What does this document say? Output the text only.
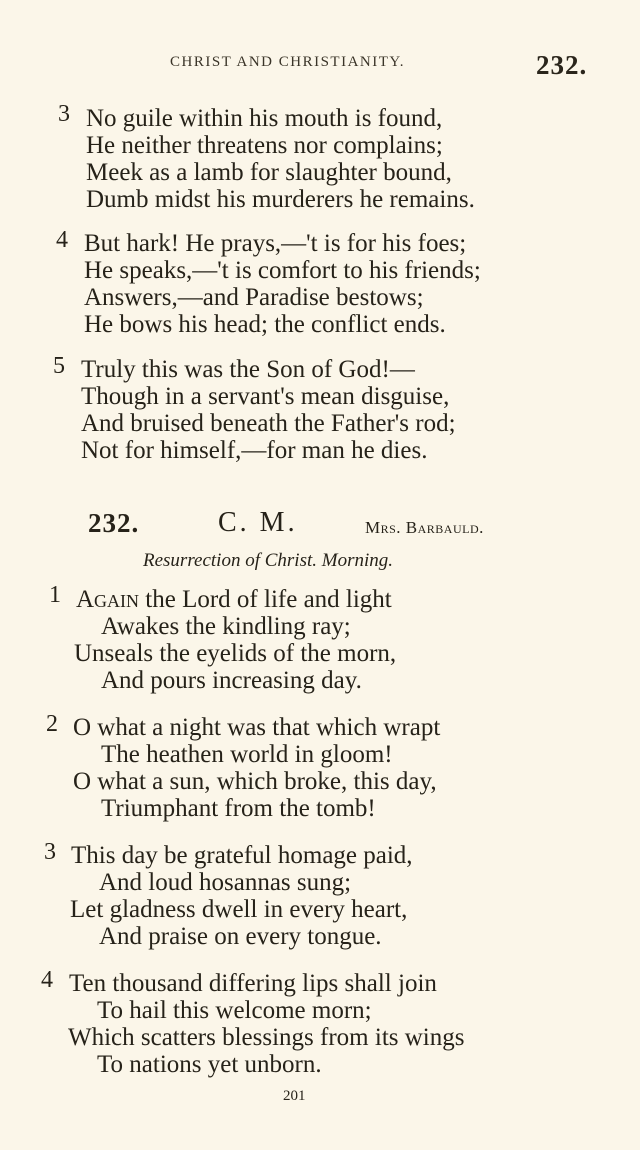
CHRIST AND CHRISTIANITY.	232.
3 No guile within his mouth is found,
He neither threatens nor complains;
Meek as a lamb for slaughter bound,
Dumb midst his murderers he remains.
4 But hark! He prays,—'t is for his foes;
He speaks,—'t is comfort to his friends;
Answers,—and Paradise bestows;
He bows his head; the conflict ends.
5 Truly this was the Son of God!—
Though in a servant's mean disguise,
And bruised beneath the Father's rod;
Not for himself,—for man he dies.
232.	C. M.	Mrs. Barbauld.
Resurrection of Christ. Morning.
1 Again the Lord of life and light
Awakes the kindling ray;
Unseals the eyelids of the morn,
And pours increasing day.
2 O what a night was that which wrapt
The heathen world in gloom!
O what a sun, which broke, this day,
Triumphant from the tomb!
3 This day be grateful homage paid,
And loud hosannas sung;
Let gladness dwell in every heart,
And praise on every tongue.
4 Ten thousand differing lips shall join
To hail this welcome morn;
Which scatters blessings from its wings
To nations yet unborn.
201
